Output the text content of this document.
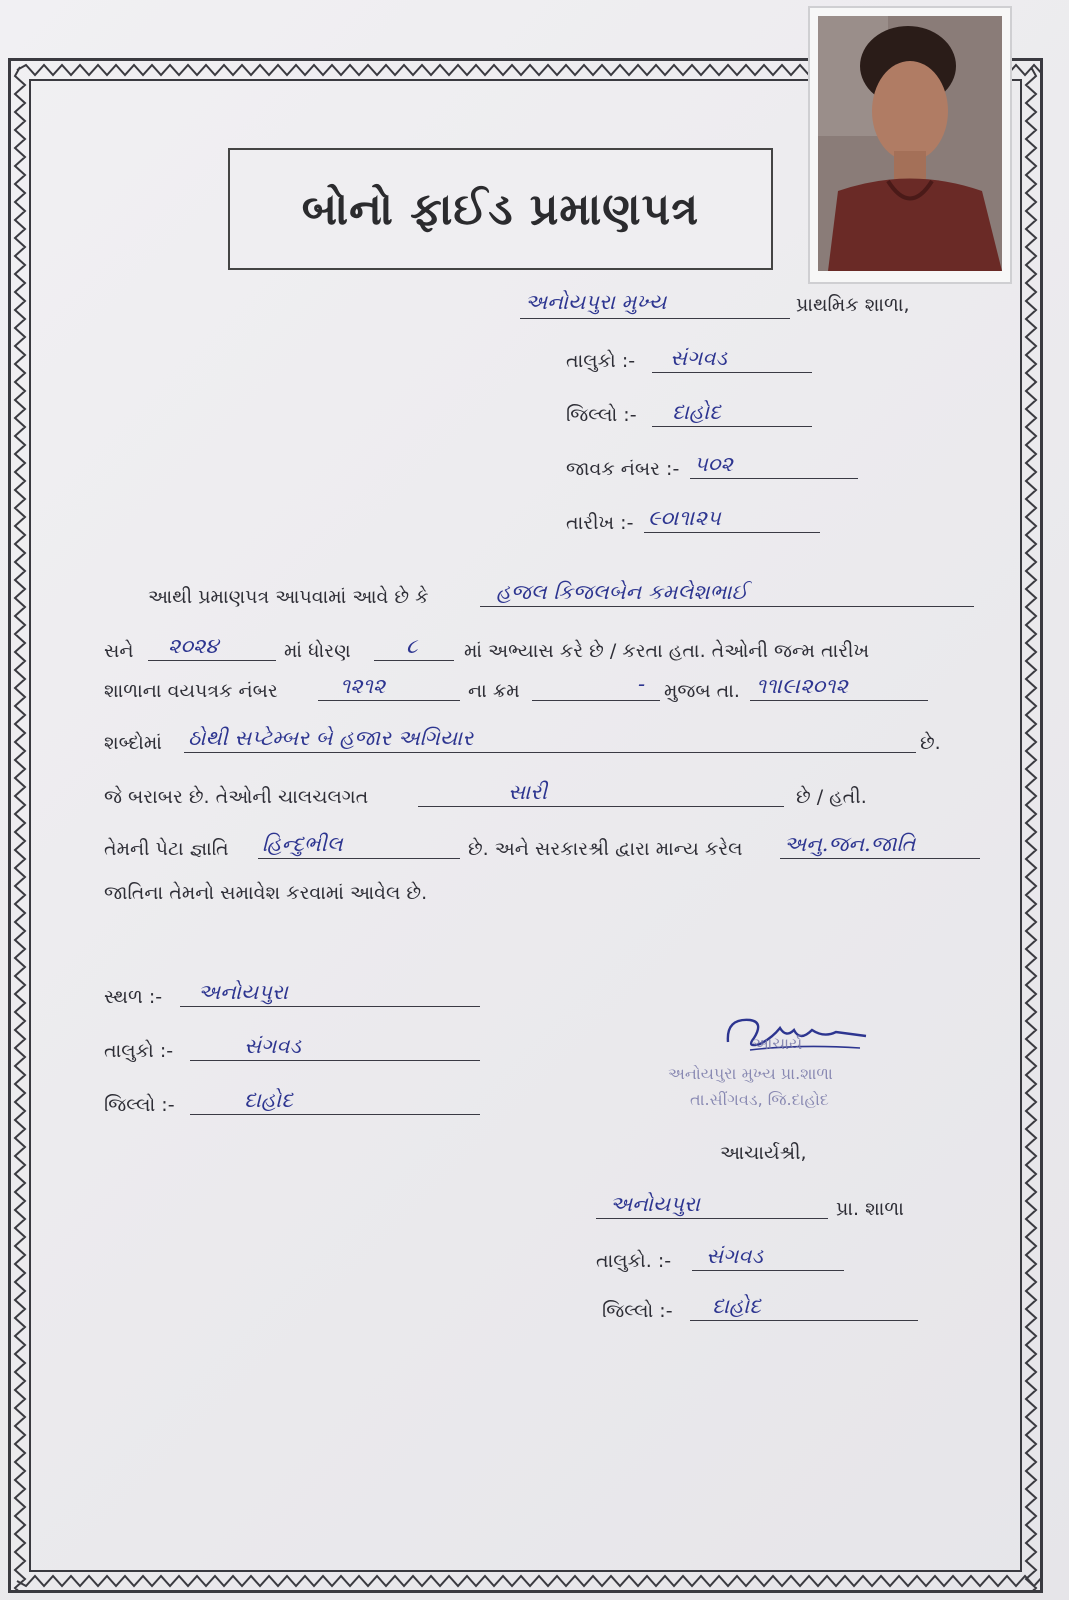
બોનો ફાઈડ પ્રમાણપત્ર
અનોયપુરા મુખ્ય	પ્રાથમિક શાળા,
તાલુકો :- સંગવડ
જિલ્લો :- દાહોદ
જાવક નંબર :- ૫૦૨
તારીખ :- ૯૦।૧।૨૫
આથી પ્રમાણપત્ર આપવામાં આવે છે કે	હજલ કિજલબેન કમલેશભાઈ
સને ૨૦૨૪	માં ધોરણ	૮ માં અભ્યાસ કરે છે / કરતા હતા. તેઓની જન્મ તારીખ
શાળાના વયપત્રક નંબર	૧૨૧૨	ના ક્રમ	- મુજબ તા. ૧૧।૯।૨૦૧૨
શબ્દોમાં ઠોથી સપ્ટેમ્બર બે હજાર અગિયાર	છે.
જે બરાબર છે. તેઓની ચાલચલગત	સારી	છે / હતી.
તેમની પેટા જ્ઞાતિ હિન્દુભીલ	છે. અને સરકારશ્રી દ્વારા માન્ય કરેલ અનુ.જન.જાતિ
જાતિના તેમનો સમાવેશ કરવામાં આવેલ છે.
સ્થળ :- અનોયપુરા
તાલુકો :-	સંગવડ
જિલ્લો :-	દાહોદ
આચાર્ય
અનોયપુરા મુખ્ય પ્રા.શાળા
તા.સીંગવડ, જિ.દાહોદ
આચાર્યશ્રી,
અનોયપુરા	પ્રા. શાળા
તાલુકો. :- સંગવડ
જિલ્લો :- દાહોદ
